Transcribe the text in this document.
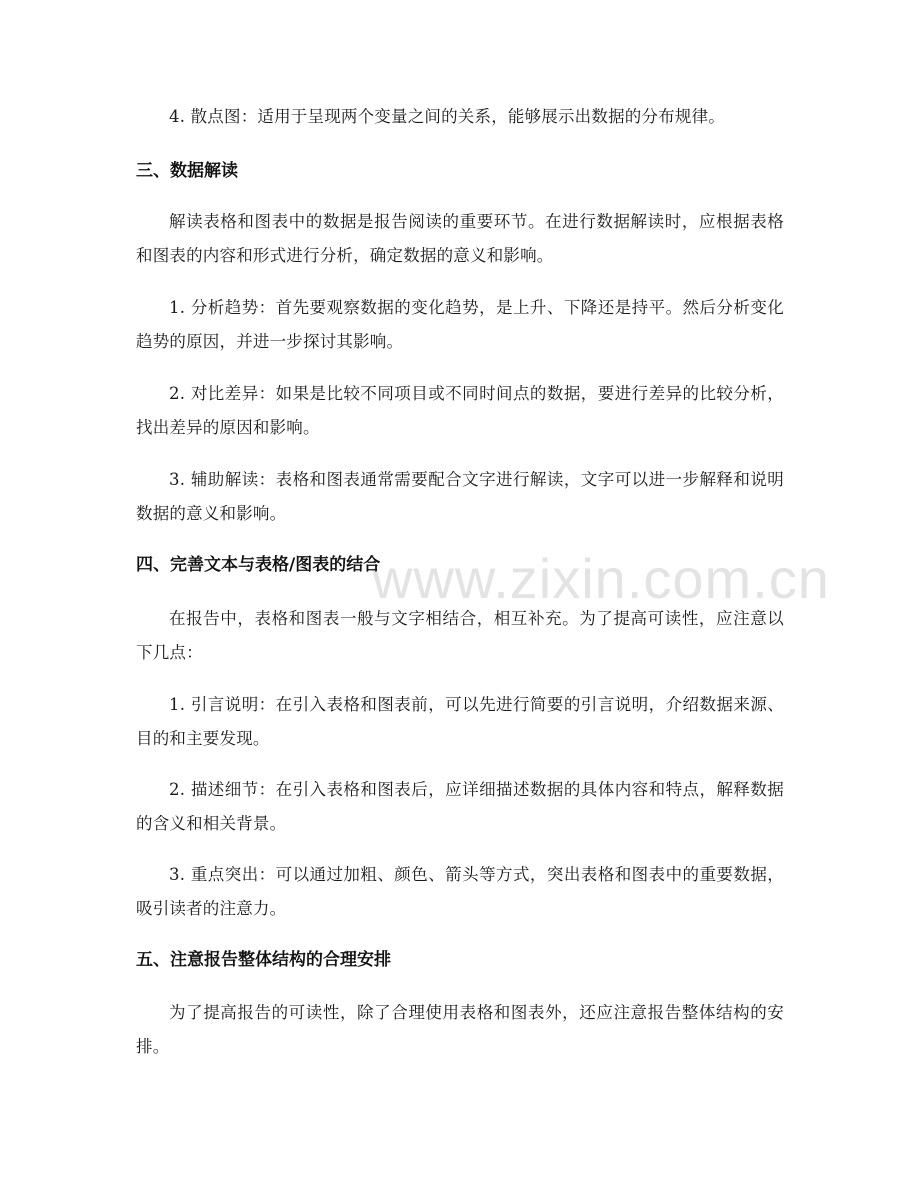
www.zixin.com.cn

4. 散点图：适用于呈现两个变量之间的关系，能够展示出数据的分布规律。

三、数据解读

解读表格和图表中的数据是报告阅读的重要环节。在进行数据解读时，应根据表格和图表的内容和形式进行分析，确定数据的意义和影响。

1. 分析趋势：首先要观察数据的变化趋势，是上升、下降还是持平。然后分析变化趋势的原因，并进一步探讨其影响。

2. 对比差异：如果是比较不同项目或不同时间点的数据，要进行差异的比较分析，找出差异的原因和影响。

3. 辅助解读：表格和图表通常需要配合文字进行解读，文字可以进一步解释和说明数据的意义和影响。

四、完善文本与表格/图表的结合

在报告中，表格和图表一般与文字相结合，相互补充。为了提高可读性，应注意以下几点：

1. 引言说明：在引入表格和图表前，可以先进行简要的引言说明，介绍数据来源、目的和主要发现。

2. 描述细节：在引入表格和图表后，应详细描述数据的具体内容和特点，解释数据的含义和相关背景。

3. 重点突出：可以通过加粗、颜色、箭头等方式，突出表格和图表中的重要数据，吸引读者的注意力。

五、注意报告整体结构的合理安排

为了提高报告的可读性，除了合理使用表格和图表外，还应注意报告整体结构的安排。
